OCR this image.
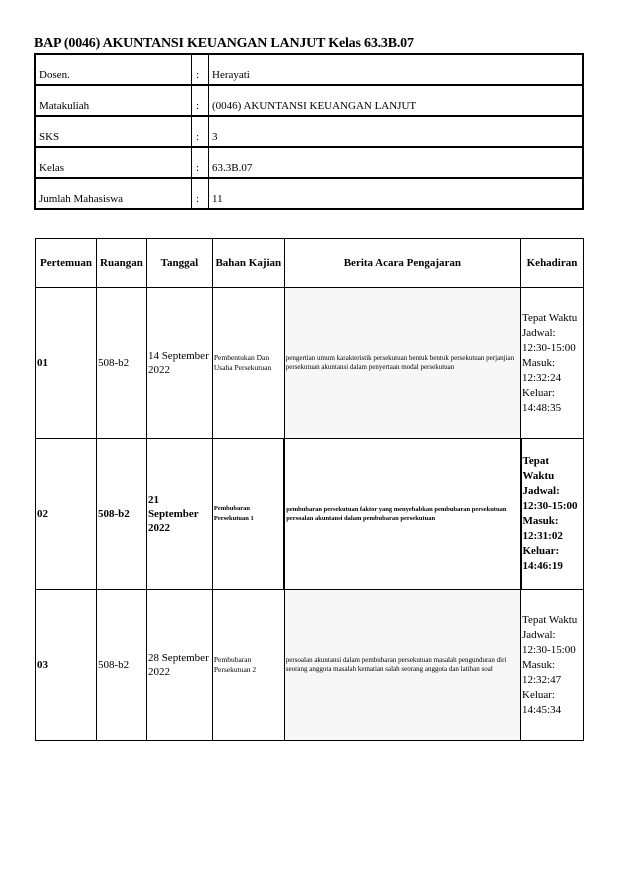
BAP (0046) AKUNTANSI KEUANGAN LANJUT Kelas 63.3B.07
Dosen.	:	Herayati
Matakuliah	:	(0046) AKUNTANSI KEUANGAN LANJUT
SKS	:	3
Kelas	:	63.3B.07
Jumlah Mahasiswa	:	11
Pertemuan	Ruangan	Tanggal	Bahan Kajian	Berita Acara Pengajaran	Kehadiran
01	508-b2	14 September 2022	Pembentukan Dan Usaha Persekutuan	pengertian umum karakteristik persekutuan bentuk bentuk persekutuan perjanjian persekutuan akuntansi dalam penyertaan modal persekutuan	Tepat Waktu Jadwal: 12:30-15:00 Masuk: 12:32:24 Keluar: 14:48:35
02	508-b2	21 September 2022	Pembubaran Persekutuan 1	pembubaran persekutuan faktor yang menyebabkan pembubaran persekutuan persoalan akuntansi dalam pembubaran persekutuan	Tepat Waktu Jadwal: 12:30-15:00 Masuk: 12:31:02 Keluar: 14:46:19
03	508-b2	28 September 2022	Pembubaran Persekutuan 2	persoalan akuntansi dalam pembubaran persekutuan masalah pengunduran diri seorang anggota masalah kematian salah seorang anggota dan latihan soal	Tepat Waktu Jadwal: 12:30-15:00 Masuk: 12:32:47 Keluar: 14:45:34
